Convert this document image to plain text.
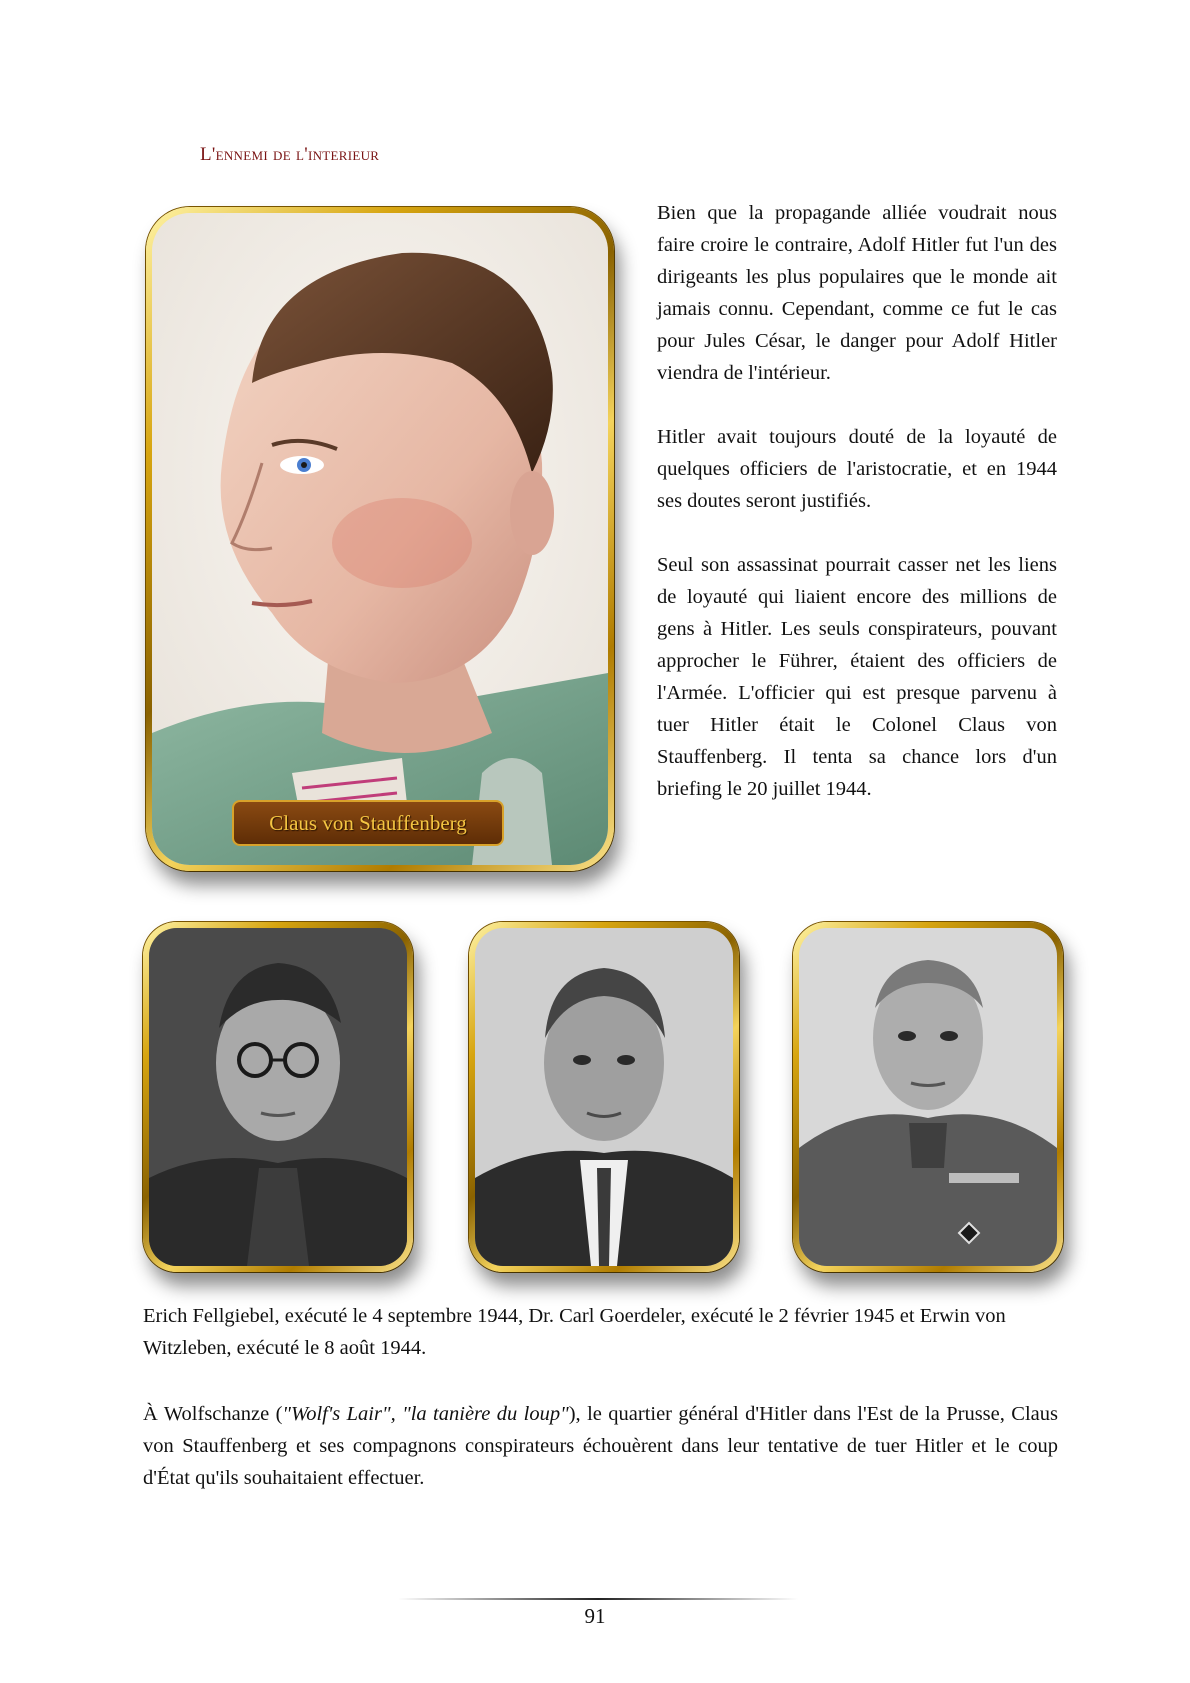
L'ennemi de l'interieur
Claus von Stauffenberg

Bien que la propagande alliée voudrait nous faire croire le contraire, Adolf Hitler fut l'un des dirigeants les plus populaires que le monde ait jamais connu. Cependant, comme ce fut le cas pour Jules César, le danger pour Adolf Hitler viendra de l'intérieur.

Hitler avait toujours douté de la loyauté de quelques officiers de l'aristocratie, et en 1944 ses doutes seront justifiés.

Seul son assassinat pourrait casser net les liens de loyauté qui liaient encore des millions de gens à Hitler. Les seuls conspirateurs, pouvant approcher le Führer, étaient des officiers de l'Armée. L'officier qui est presque parvenu à tuer Hitler était le Colonel Claus von Stauffenberg. Il tenta sa chance lors d'un briefing le 20 juillet 1944.

Erich Fellgiebel, exécuté le 4 septembre 1944, Dr. Carl Goerdeler, exécuté le 2 février 1945 et Erwin von Witzleben, exécuté le 8 août 1944.
À Wolfschanze ("Wolf's Lair", "la tanière du loup"), le quartier général d'Hitler dans l'Est de la Prusse, Claus von Stauffenberg et ses compagnons conspirateurs échouèrent dans leur tentative de tuer Hitler et le coup d'État qu'ils souhaitaient effectuer.
91
